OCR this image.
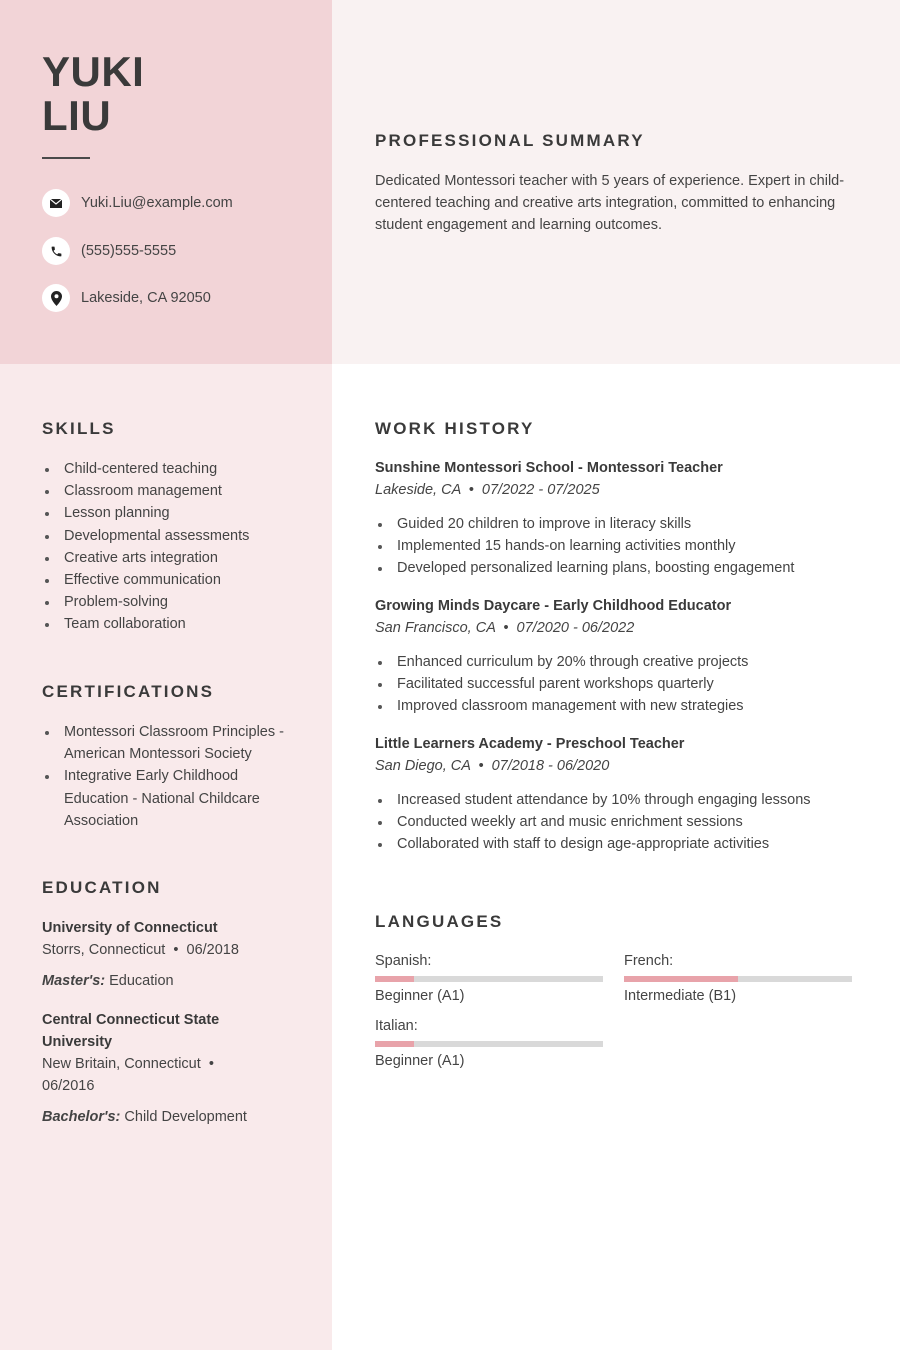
YUKI
LIU
Yuki.Liu@example.com
(555)555-5555
Lakeside, CA 92050
PROFESSIONAL SUMMARY
Dedicated Montessori teacher with 5 years of experience. Expert in child-centered teaching and creative arts integration, committed to enhancing student engagement and learning outcomes.
SKILLS
Child-centered teaching
Classroom management
Lesson planning
Developmental assessments
Creative arts integration
Effective communication
Problem-solving
Team collaboration
CERTIFICATIONS
Montessori Classroom Principles - American Montessori Society
Integrative Early Childhood Education - National Childcare Association
EDUCATION
University of Connecticut
Storrs, Connecticut  •  06/2018
Master's: Education
Central Connecticut State University
New Britain, Connecticut  •  06/2016
Bachelor's: Child Development
WORK HISTORY
Sunshine Montessori School - Montessori Teacher
Lakeside, CA  •  07/2022 - 07/2025
Guided 20 children to improve in literacy skills
Implemented 15 hands-on learning activities monthly
Developed personalized learning plans, boosting engagement
Growing Minds Daycare - Early Childhood Educator
San Francisco, CA  •  07/2020 - 06/2022
Enhanced curriculum by 20% through creative projects
Facilitated successful parent workshops quarterly
Improved classroom management with new strategies
Little Learners Academy - Preschool Teacher
San Diego, CA  •  07/2018 - 06/2020
Increased student attendance by 10% through engaging lessons
Conducted weekly art and music enrichment sessions
Collaborated with staff to design age-appropriate activities
LANGUAGES
Spanish:
Beginner (A1)
French:
Intermediate (B1)
Italian:
Beginner (A1)
